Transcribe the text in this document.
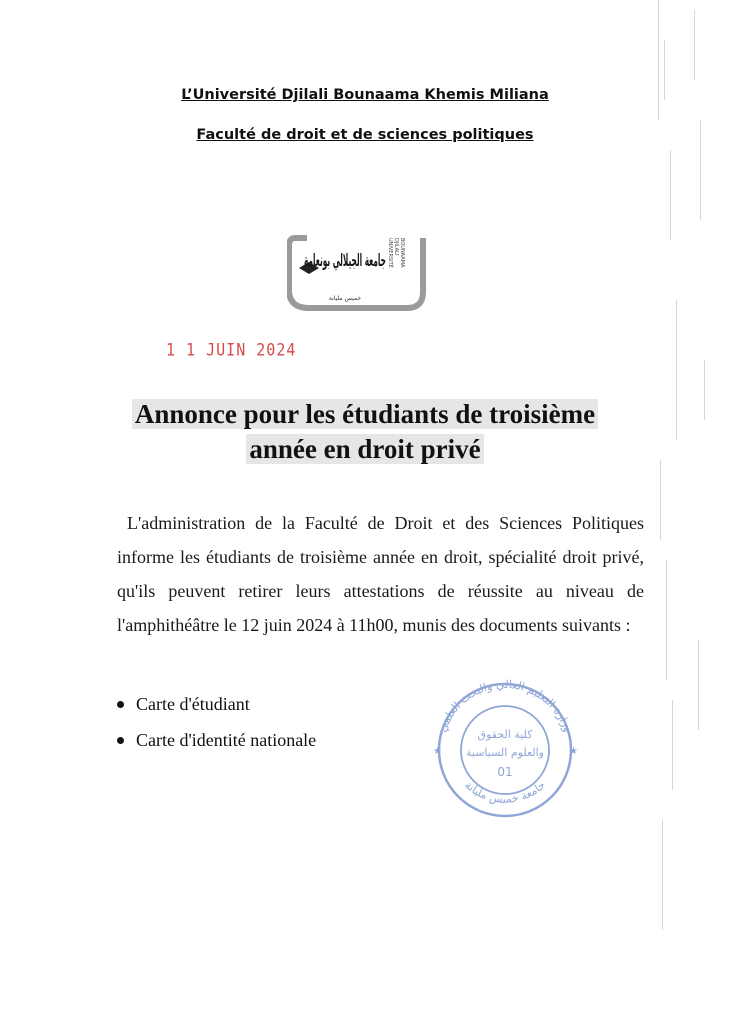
L’Université Djilali Bounaama Khemis Miliana
Faculté de droit et de sciences politiques
جامعة الجيلالي بونعامة
خميس مليانة
UNIVERSITÉ DJILALI BOUNAAMA
1 1 JUIN 2024
Annonce pour les étudiants de troisième
année en droit privé
L'administration de la Faculté de Droit et des Sciences Politiques informe les étudiants de troisième année en droit, spécialité droit privé, qu'ils peuvent retirer leurs attestations de réussite au niveau de l'amphithéâtre le 12 juin 2024 à 11h00, munis des documents suivants :
Carte d'étudiant
Carte d'identité nationale
وزارة التعليم العالي والبحث العلمي
جامعة خميس مليانة
كلية الحقوق
والعلوم السياسية
01
★	★
